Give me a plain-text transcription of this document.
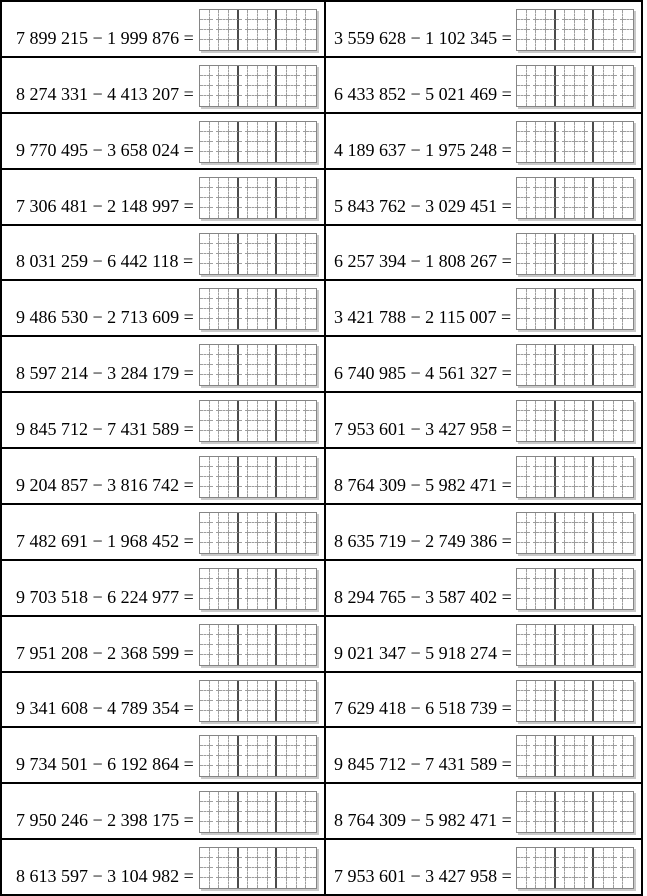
7 899 215 − 1 999 876 =	3 559 628 − 1 102 345 =
8 274 331 − 4 413 207 =	6 433 852 − 5 021 469 =
9 770 495 − 3 658 024 =	4 189 637 − 1 975 248 =
7 306 481 − 2 148 997 =	5 843 762 − 3 029 451 =
8 031 259 − 6 442 118 =	6 257 394 − 1 808 267 =
9 486 530 − 2 713 609 =	3 421 788 − 2 115 007 =
8 597 214 − 3 284 179 =	6 740 985 − 4 561 327 =
9 845 712 − 7 431 589 =	7 953 601 − 3 427 958 =
9 204 857 − 3 816 742 =	8 764 309 − 5 982 471 =
7 482 691 − 1 968 452 =	8 635 719 − 2 749 386 =
9 703 518 − 6 224 977 =	8 294 765 − 3 587 402 =
7 951 208 − 2 368 599 =	9 021 347 − 5 918 274 =
9 341 608 − 4 789 354 =	7 629 418 − 6 518 739 =
9 734 501 − 6 192 864 =	9 845 712 − 7 431 589 =
7 950 246 − 2 398 175 =	8 764 309 − 5 982 471 =
8 613 597 − 3 104 982 =	7 953 601 − 3 427 958 =
